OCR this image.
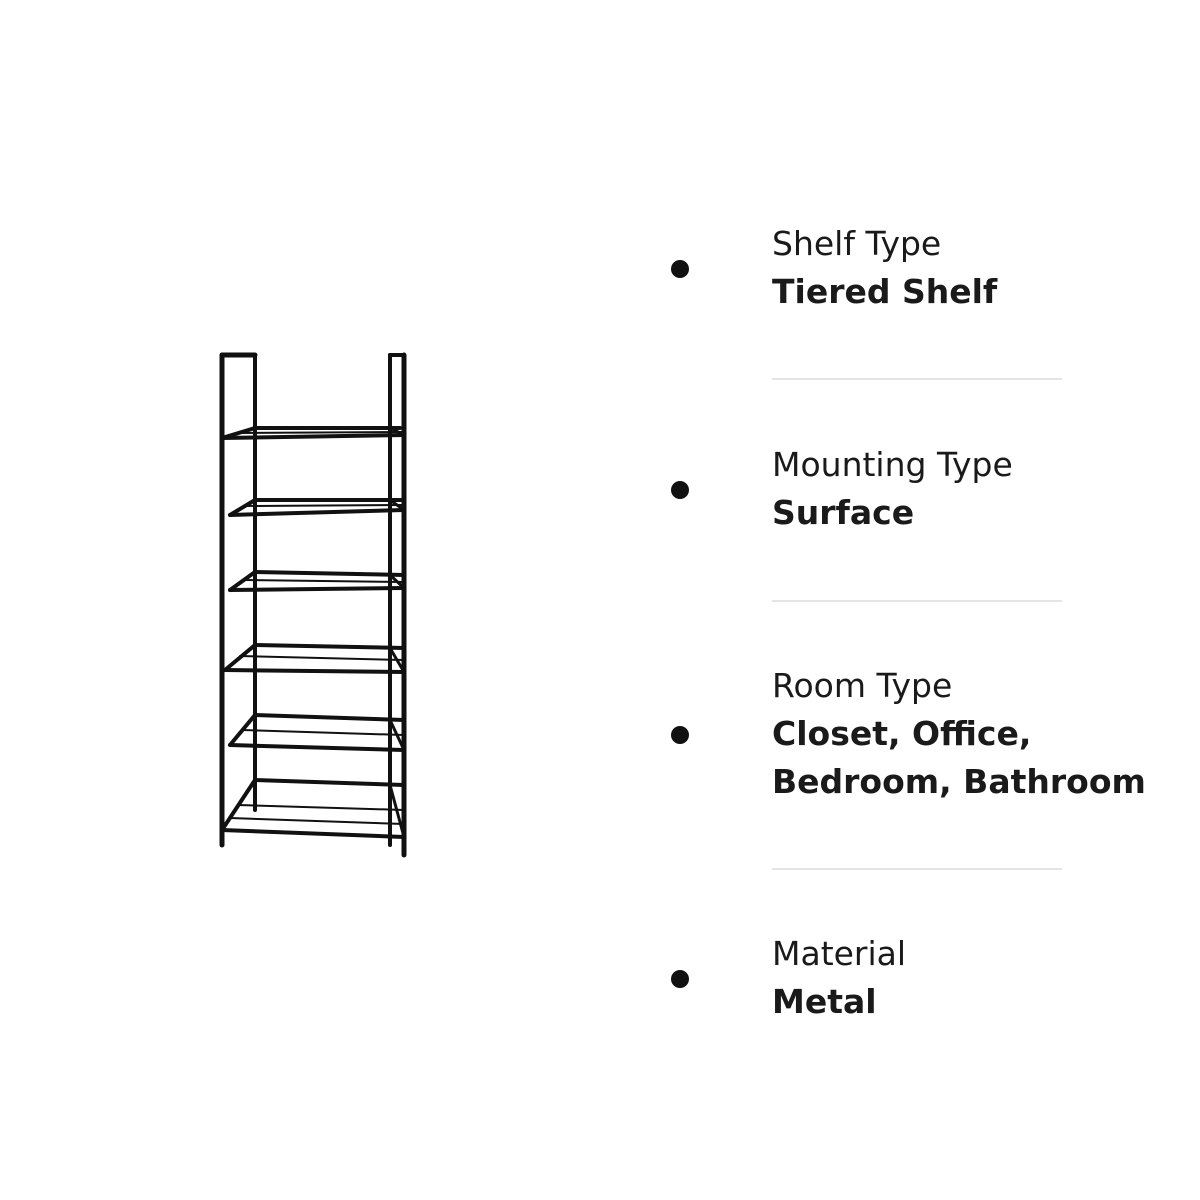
Shelf Type
Tiered Shelf
Mounting Type
Surface
Room Type
Closet, Office,
Bedroom, Bathroom
Material
Metal
